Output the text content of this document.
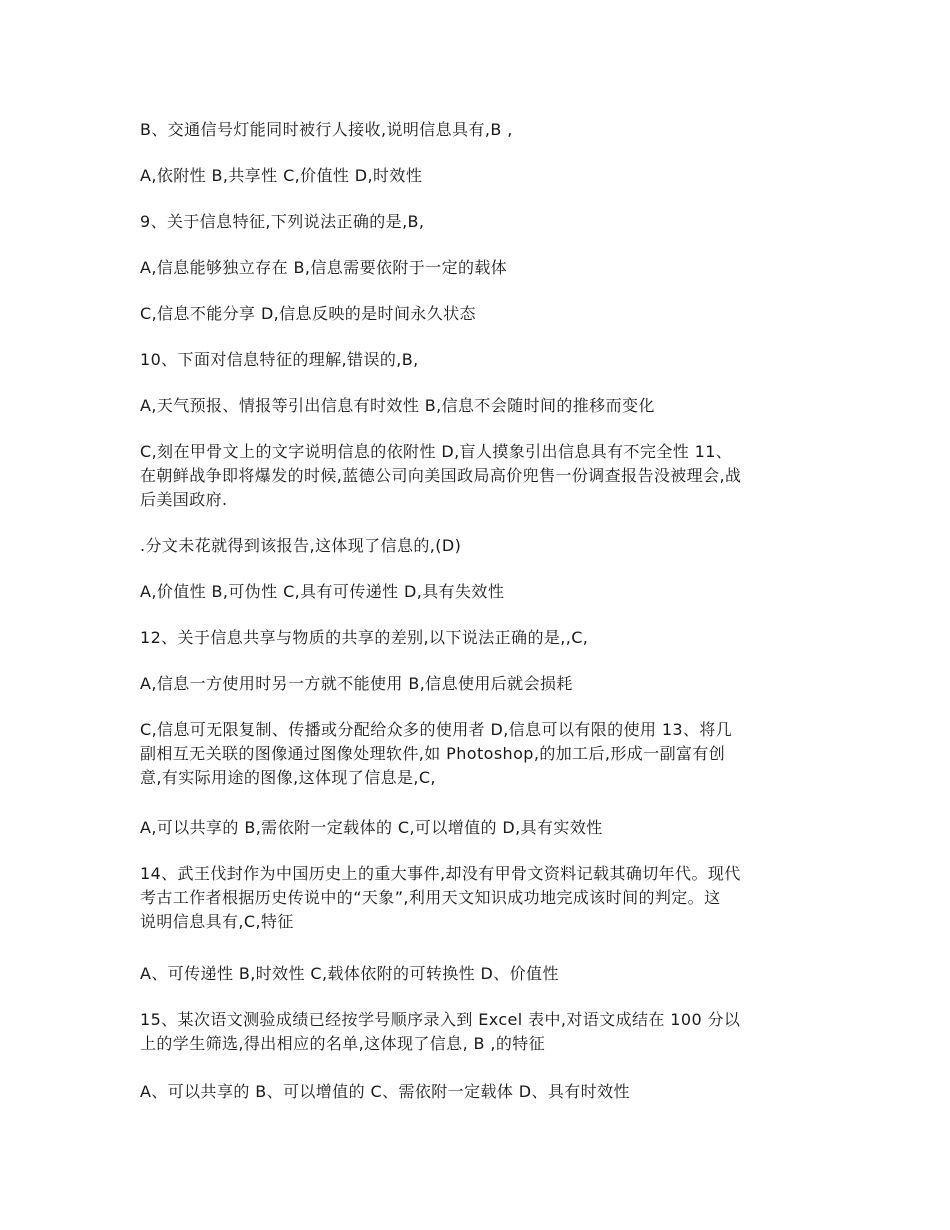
B、交通信号灯能同时被行人接收,说明信息具有,B ,
A,依附性 B,共享性 C,价值性 D,时效性
9、关于信息特征,下列说法正确的是,B,
A,信息能够独立存在 B,信息需要依附于一定的载体
C,信息不能分享 D,信息反映的是时间永久状态
10、下面对信息特征的理解,错误的,B,
A,天气预报、情报等引出信息有时效性 B,信息不会随时间的推移而变化
C,刻在甲骨文上的文字说明信息的依附性 D,盲人摸象引出信息具有不完全性 11、
在朝鲜战争即将爆发的时候,蓝德公司向美国政局高价兜售一份调查报告没被理会,战
后美国政府.
.分文未花就得到该报告,这体现了信息的,(D)
A,价值性 B,可伪性 C,具有可传递性 D,具有失效性
12、关于信息共享与物质的共享的差别,以下说法正确的是,,C,
A,信息一方使用时另一方就不能使用 B,信息使用后就会损耗
C,信息可无限复制、传播或分配给众多的使用者 D,信息可以有限的使用 13、将几
副相互无关联的图像通过图像处理软件,如 Photoshop,的加工后,形成一副富有创
意,有实际用途的图像,这体现了信息是,C,
A,可以共享的 B,需依附一定载体的 C,可以增值的 D,具有实效性
14、武王伐封作为中国历史上的重大事件,却没有甲骨文资料记载其确切年代。现代
考古工作者根据历史传说中的“天象”,利用天文知识成功地完成该时间的判定。这
说明信息具有,C,特征
A、可传递性 B,时效性 C,载体依附的可转换性 D、价值性
15、某次语文测验成绩已经按学号顺序录入到 Excel 表中,对语文成结在 100 分以
上的学生筛选,得出相应的名单,这体现了信息, B ,的特征
A、可以共享的 B、可以增值的 C、需依附一定载体 D、具有时效性
